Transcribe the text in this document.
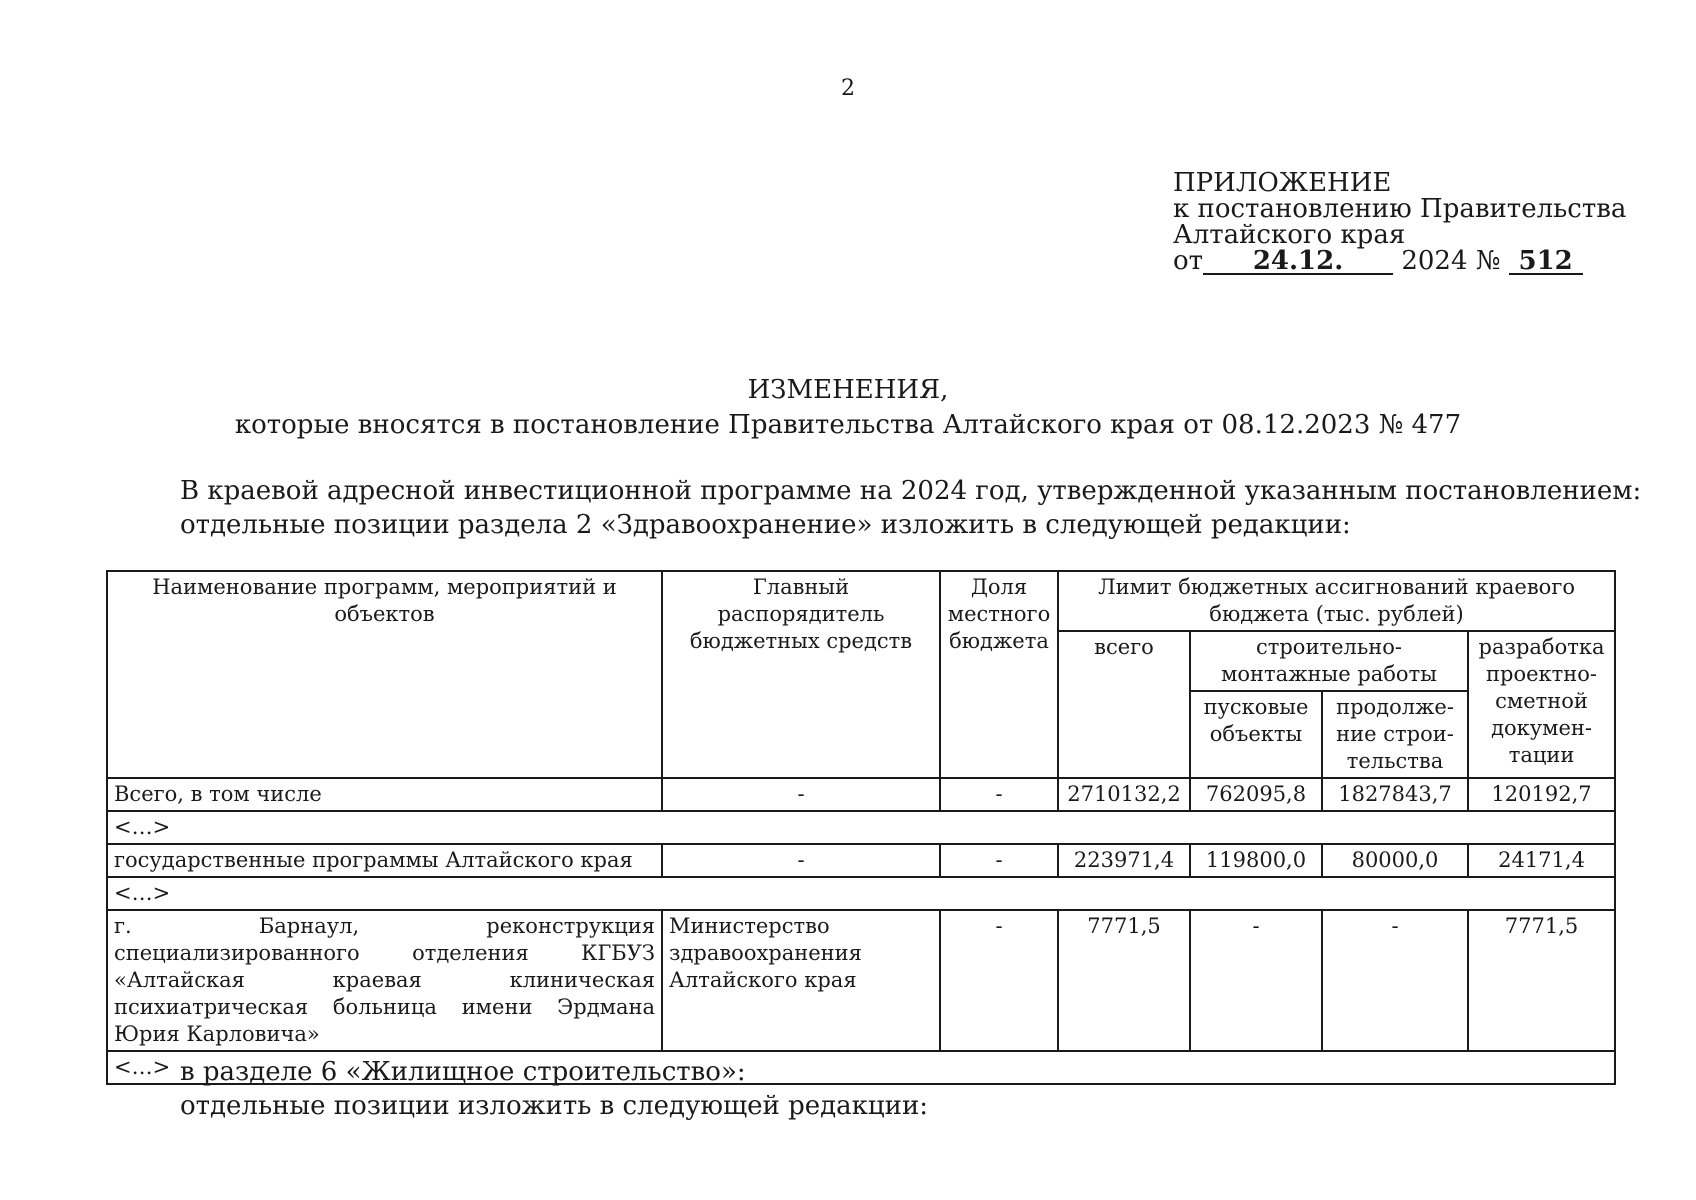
2
ПРИЛОЖЕНИЕ
к постановлению Правительства
Алтайского края
от 24.12. 2024 № 512
ИЗМЕНЕНИЯ,
которые вносятся в постановление Правительства Алтайского края от 08.12.2023 № 477
В краевой адресной инвестиционной программе на 2024 год, утвержденной указанным постановлением:
отдельные позиции раздела 2 «Здравоохранение» изложить в следующей редакции:
Наименование программ, мероприятий и объектов	Главный распорядитель бюджетных средств	Доля местного бюджета	Лимит бюджетных ассигнований краевого бюджета (тыс. рублей)			
			всего	строительно-монтажные работы		разработка проектно-сметной докумен-тации
				пусковые объекты	продолже-ние строи-тельства	
Всего, в том числе	-	-	2710132,2	762095,8	1827843,7	120192,7
<…>						
государственные программы Алтайского края	-	-	223971,4	119800,0	80000,0	24171,4
<…>						
г. Барнаул, реконструкция специализированного отделения КГБУЗ «Алтайская краевая клиническая психиатрическая больница имени Эрдмана Юрия Карловича»	Министерство здравоохранения Алтайского края	-	7771,5	-	-	7771,5
<…>						в разделе 6 «Жилищное строительство»:
отдельные позиции изложить в следующей редакции:
